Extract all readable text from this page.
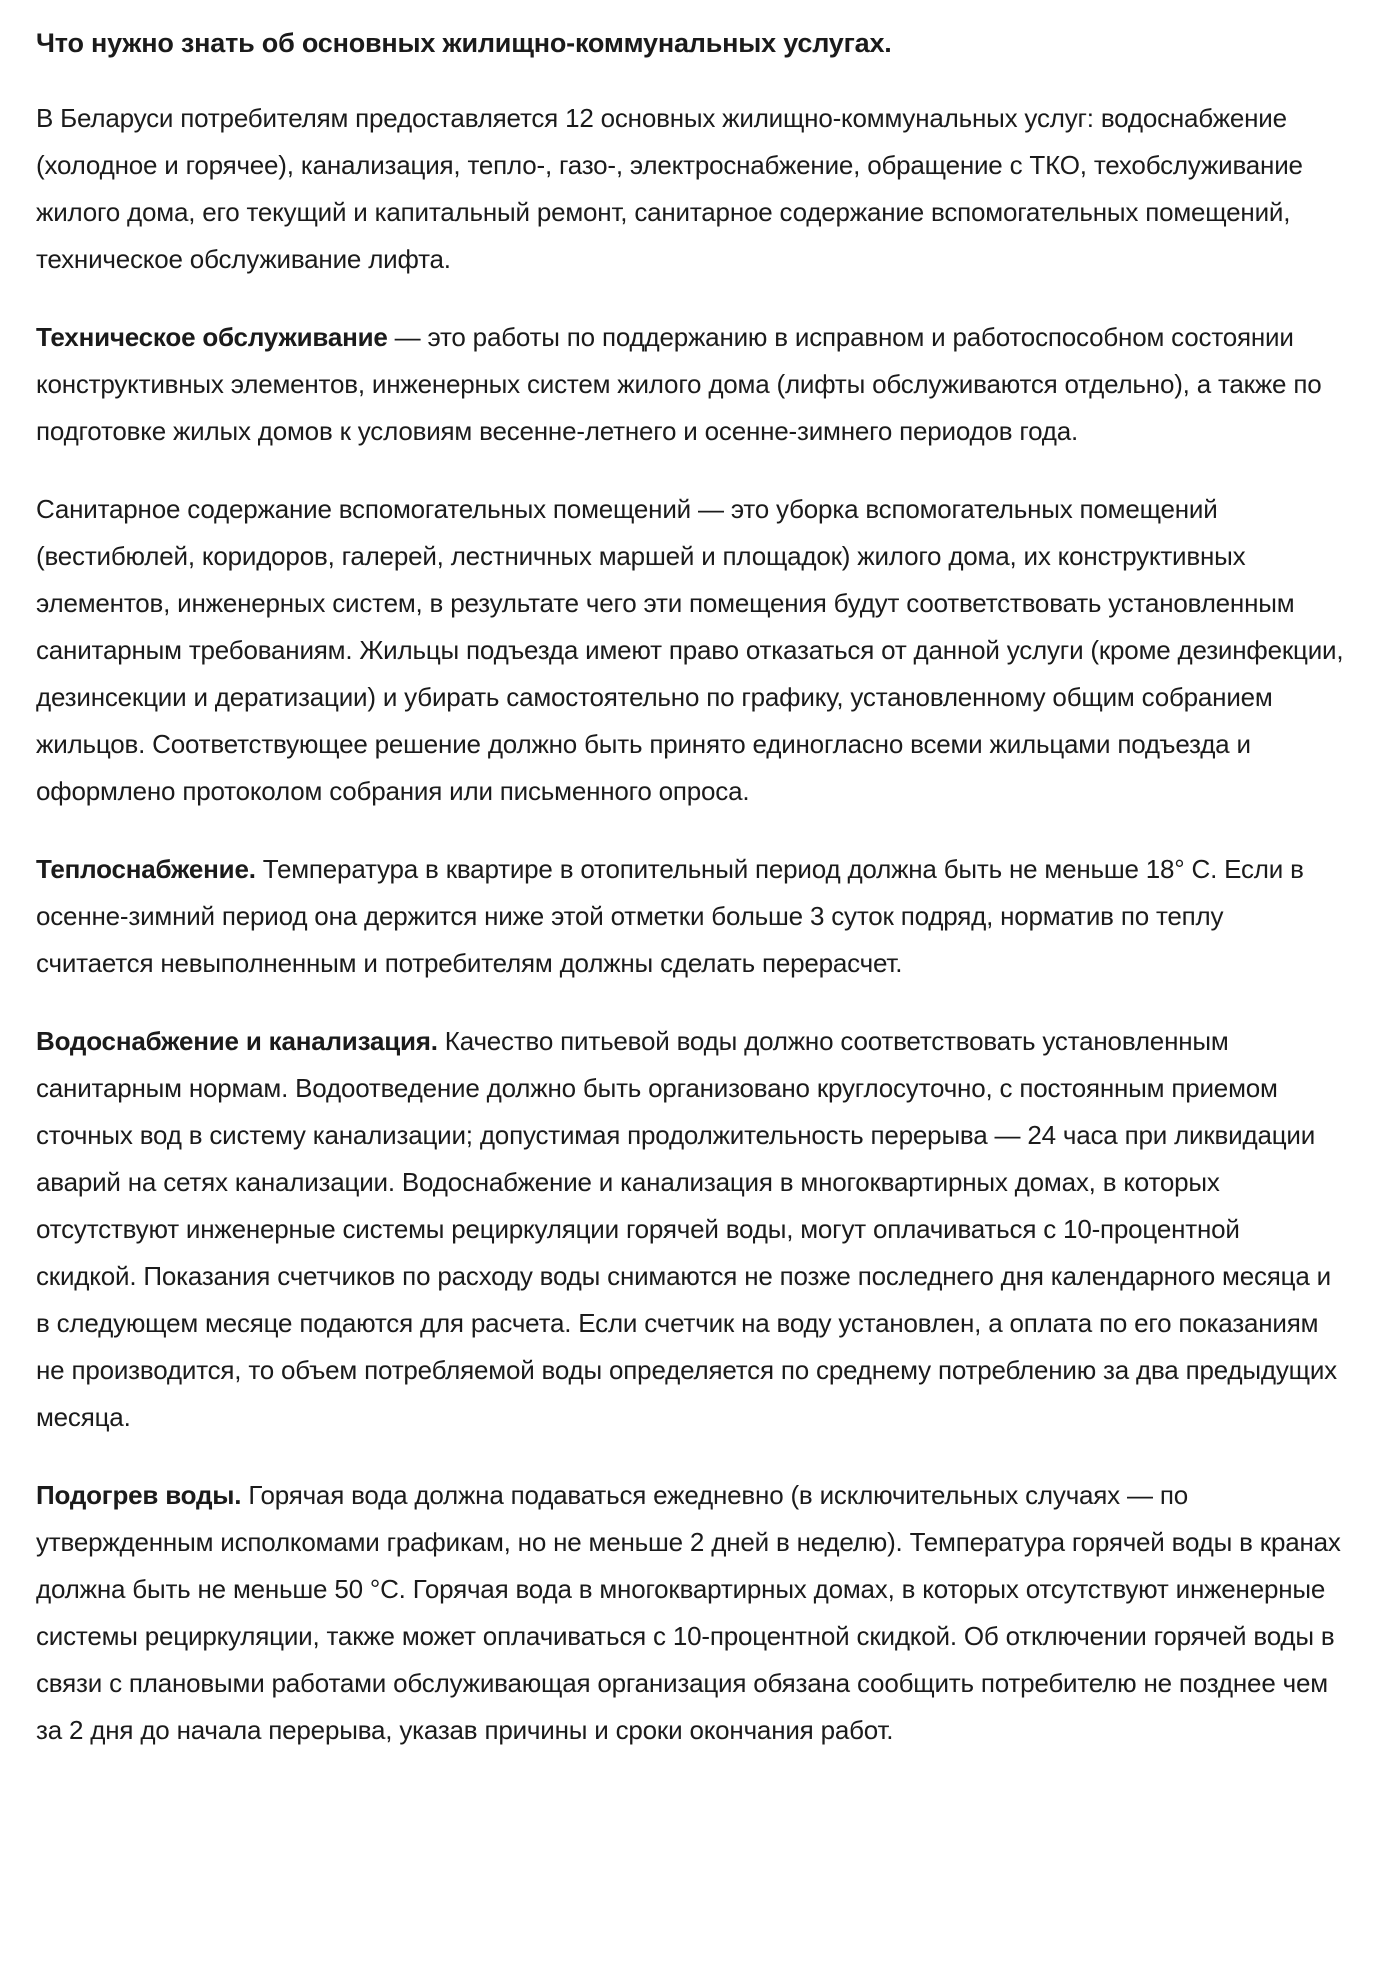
Что нужно знать об основных жилищно-коммунальных услугах.

В Беларуси потребителям предоставляется 12 основных жилищно-коммунальных услуг: водоснабжение (холодное и горячее), канализация, тепло-, газо-, электроснабжение, обращение с ТКО, техобслуживание жилого дома, его текущий и капитальный ремонт, санитарное содержание вспомогательных помещений, техническое обслуживание лифта.

Техническое обслуживание — это работы по поддержанию в исправном и работоспособном состоянии конструктивных элементов, инженерных систем жилого дома (лифты обслуживаются отдельно), а также по подготовке жилых домов к условиям весенне-летнего и осенне-зимнего периодов года.

Санитарное содержание вспомогательных помещений — это уборка вспомогательных помещений (вестибюлей, коридоров, галерей, лестничных маршей и площадок) жилого дома, их конструктивных элементов, инженерных систем, в результате чего эти помещения будут соответствовать установленным санитарным требованиям. Жильцы подъезда имеют право отказаться от данной услуги (кроме дезинфекции, дезинсекции и дератизации) и убирать самостоятельно по графику, установленному общим собранием жильцов. Соответствующее решение должно быть принято единогласно всеми жильцами подъезда и оформлено протоколом собрания или письменного опроса.

Теплоснабжение. Температура в квартире в отопительный период должна быть не меньше 18° С. Если в осенне-зимний период она держится ниже этой отметки больше 3 суток подряд, норматив по теплу считается невыполненным и потребителям должны сделать перерасчет.

Водоснабжение и канализация. Качество питьевой воды должно соответствовать установленным санитарным нормам. Водоотведение должно быть организовано круглосуточно, с постоянным приемом сточных вод в систему канализации; допустимая продолжительность перерыва — 24 часа при ликвидации аварий на сетях канализации. Водоснабжение и канализация в многоквартирных домах, в которых отсутствуют инженерные системы рециркуляции горячей воды, могут оплачиваться с 10-процентной скидкой. Показания счетчиков по расходу воды снимаются не позже последнего дня календарного месяца и в следующем месяце подаются для расчета. Если счетчик на воду установлен, а оплата по его показаниям не производится, то объем потребляемой воды определяется по среднему потреблению за два предыдущих месяца.

Подогрев воды. Горячая вода должна подаваться ежедневно (в исключительных случаях — по утвержденным исполкомами графикам, но не меньше 2 дней в неделю). Температура горячей воды в кранах должна быть не меньше 50 °С. Горячая вода в многоквартирных домах, в которых отсутствуют инженерные системы рециркуляции, также может оплачиваться с 10-процентной скидкой. Об отключении горячей воды в связи с плановыми работами обслуживающая организация обязана сообщить потребителю не позднее чем за 2 дня до начала перерыва, указав причины и сроки окончания работ.
